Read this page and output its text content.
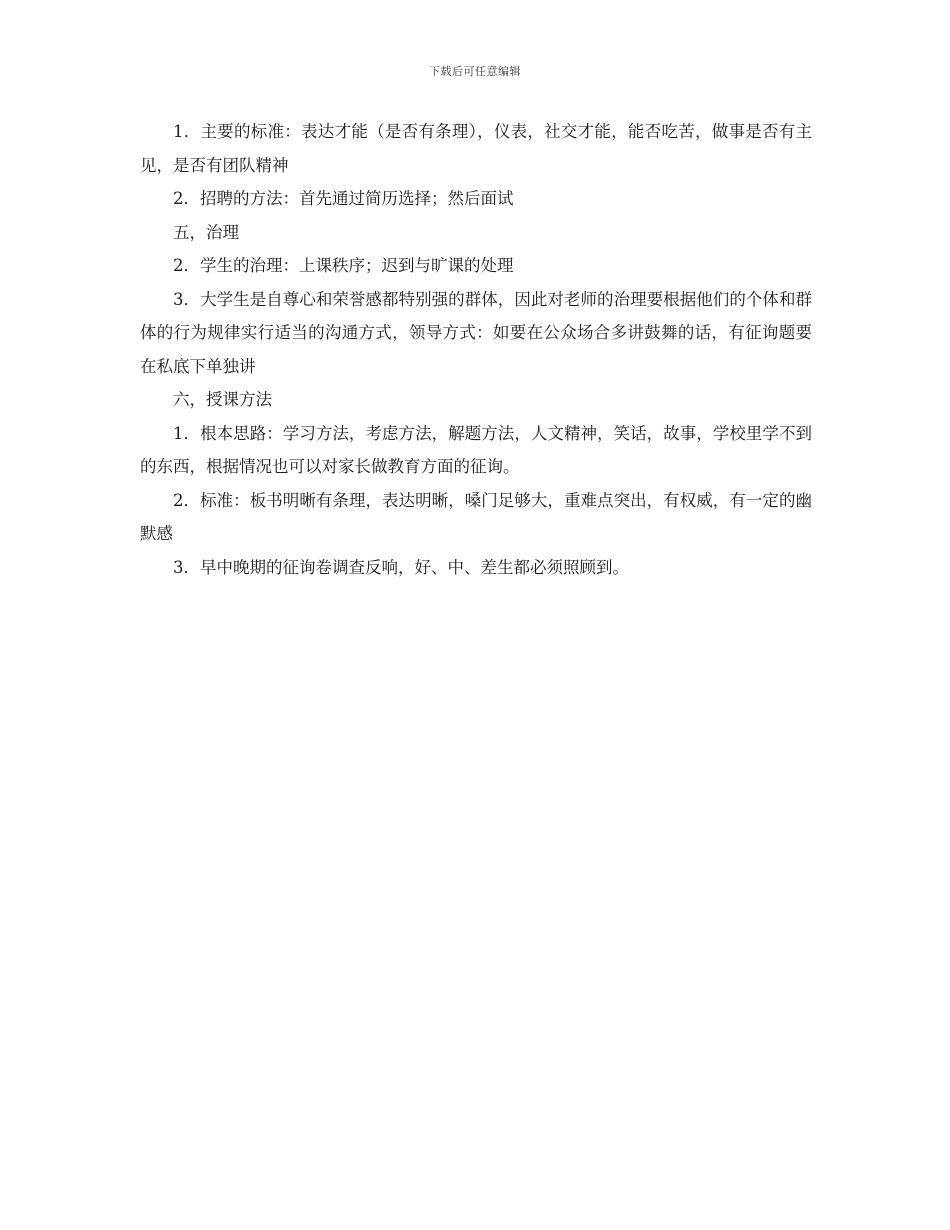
下载后可任意编辑

1．主要的标准：表达才能（是否有条理），仪表，社交才能，能否吃苦，做事是否有主见，是否有团队精神

2．招聘的方法：首先通过简历选择；然后面试

五，治理

2．学生的治理：上课秩序；迟到与旷课的处理

3．大学生是自尊心和荣誉感都特别强的群体，因此对老师的治理要根据他们的个体和群体的行为规律实行适当的沟通方式，领导方式：如要在公众场合多讲鼓舞的话，有征询题要在私底下单独讲

六，授课方法

1．根本思路：学习方法，考虑方法，解题方法，人文精神，笑话，故事，学校里学不到的东西，根据情况也可以对家长做教育方面的征询。

2．标准：板书明晰有条理，表达明晰，嗓门足够大，重难点突出，有权威，有一定的幽默感

3．早中晚期的征询卷调查反响，好、中、差生都必须照顾到。
